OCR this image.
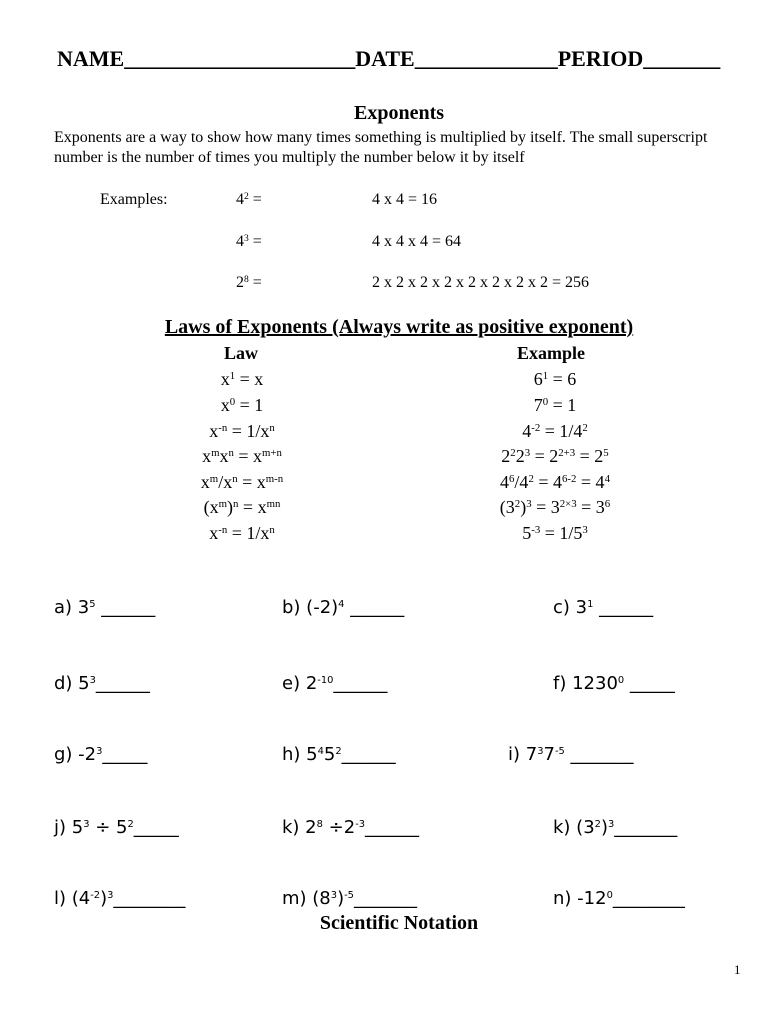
NAME_____________________DATE_____________PERIOD_______
Exponents
Exponents are a way to show how many times something is multiplied by itself. The small superscript number is the number of times you multiply the number below it by itself
Examples:	$4^2$ =	4 x 4 = 16
$4^3$ =	4 x 4 x 4 = 64
$2^8$ =	2 x 2 x 2 x 2 x 2 x 2 x 2 x 2 = 256
Laws of Exponents (Always write as positive exponent)
Law	Example
$x^1 = x$	$6^1 = 6$
$x^0 = 1$	$7^0 = 1$
$x^{-n} = 1/x^n$	$4^{-2} = 1/4^2$
$x^mx^n = x^{m+n}$	$2^22^3 = 2^{2+3} = 2^5$
$x^m/x^n = x^{m-n}$	$4^6/4^2 = 4^{6-2} = 4^4$
$(x^m)^n = x^{mn}$	$(3^2)^3 = 3^{2\times 3} = 3^6$
$x^{-n} = 1/x^n$	$5^{-3} = 1/5^3$
a) $3^5$ ______	b) $(-2)^4$ ______	c) $3^1$ ______
d) $5^3\_\_\_\_\_\_$	e) $2^{-10}\_\_\_\_\_\_$	f) 1230$^0$ _____
g) $-2^3\_\_\_\_\_$	h) $5^45^2\_\_\_\_\_\_$	i) $7^37^{-5}$ _______
j) $5^3$ ÷ $5^2\_\_\_\_\_$	k) $2^8$ $\div 2^{-3}\_\_\_\_\_\_$	k) $(3^2)^3\_\_\_\_\_\_\_$
l) $(4^{-2})^3\_\_\_\_\_\_\_\_$	m) $(8^3)^{-5}\_\_\_\_\_\_\_$	n) $-12^0\_\_\_\_\_\_\_\_$
Scientific Notation
1
